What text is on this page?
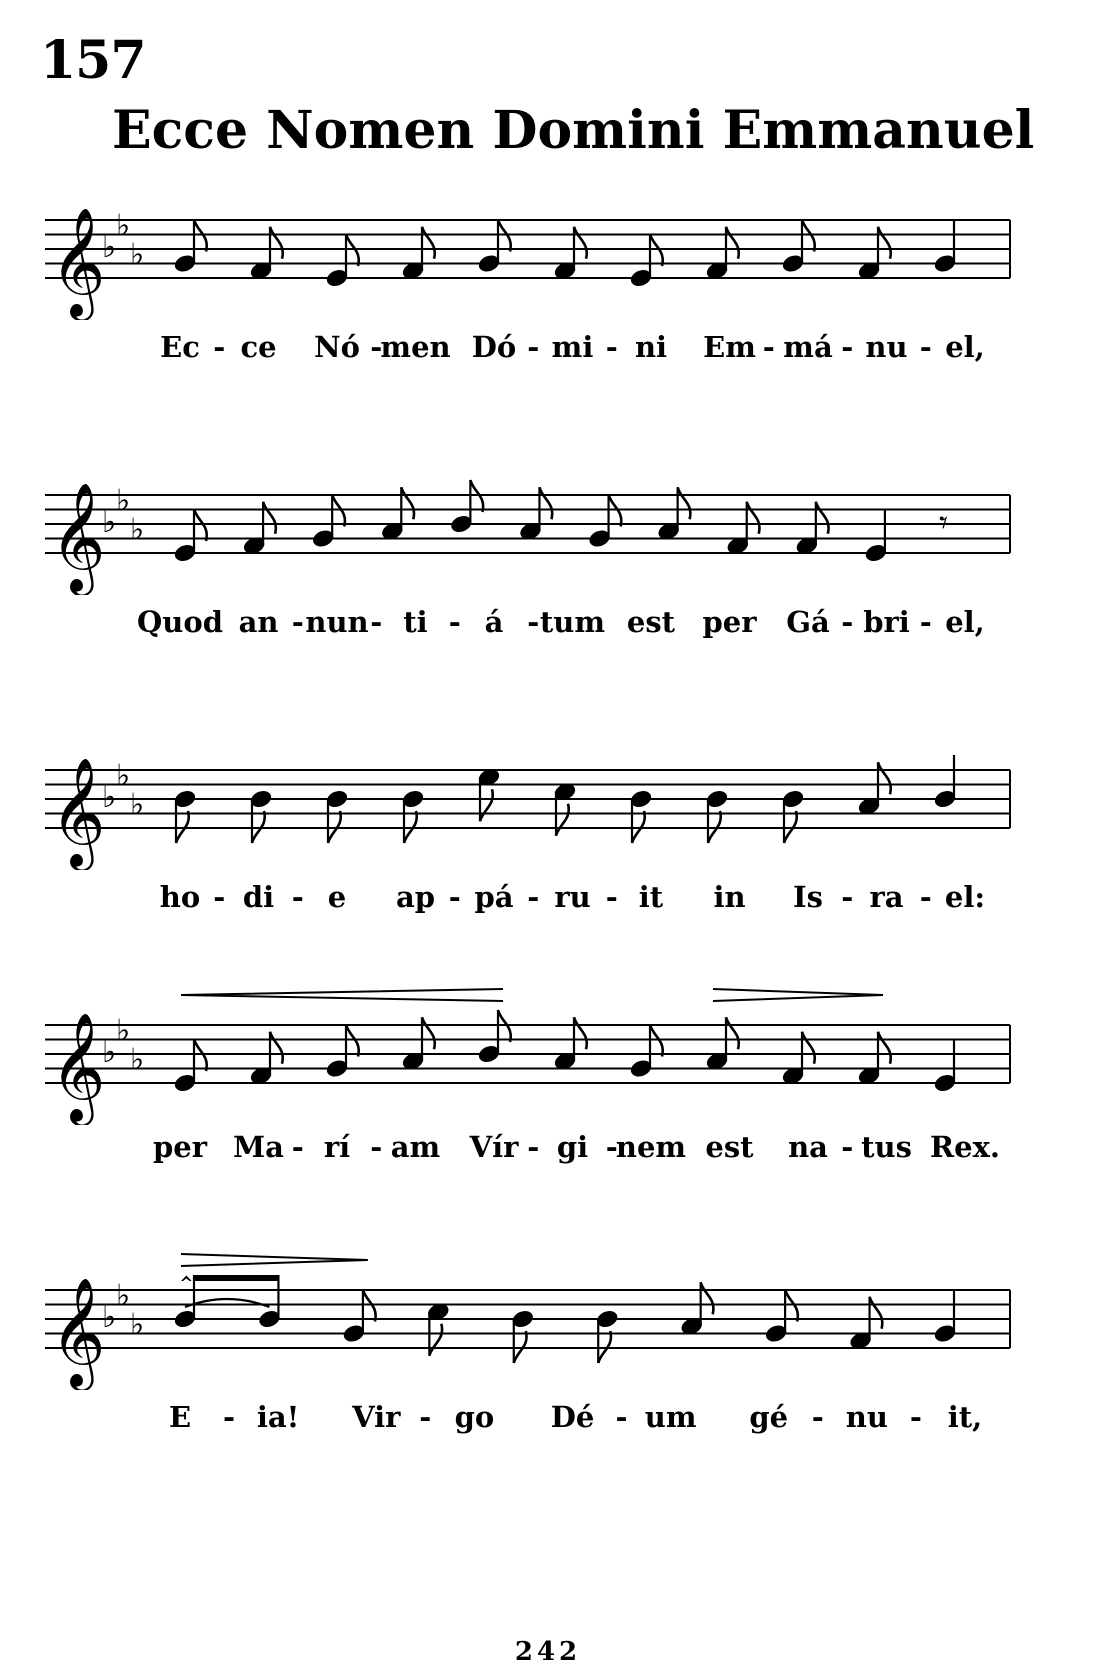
157
Ecce Nomen Domini Emmanuel
𝄞
♭
♭
♭
Ec - ce Nó -
men Dó - mi - ni Em - má - nu - el,
𝄞
♭
♭
♭	𝄾
Quod an - nun - ti - á - tum est per Gá - bri - el,
𝄞
♭
♭
♭
ho - di - e ap - pá - ru - it in Is - ra - el:
𝄞
♭
♭
♭
per Ma - rí - am Vír - gi -
nem est na - tus Rex.
𝄞
♭
♭
♭
‸
E - ia! Vir - go Dé - um gé - nu - it,
242
